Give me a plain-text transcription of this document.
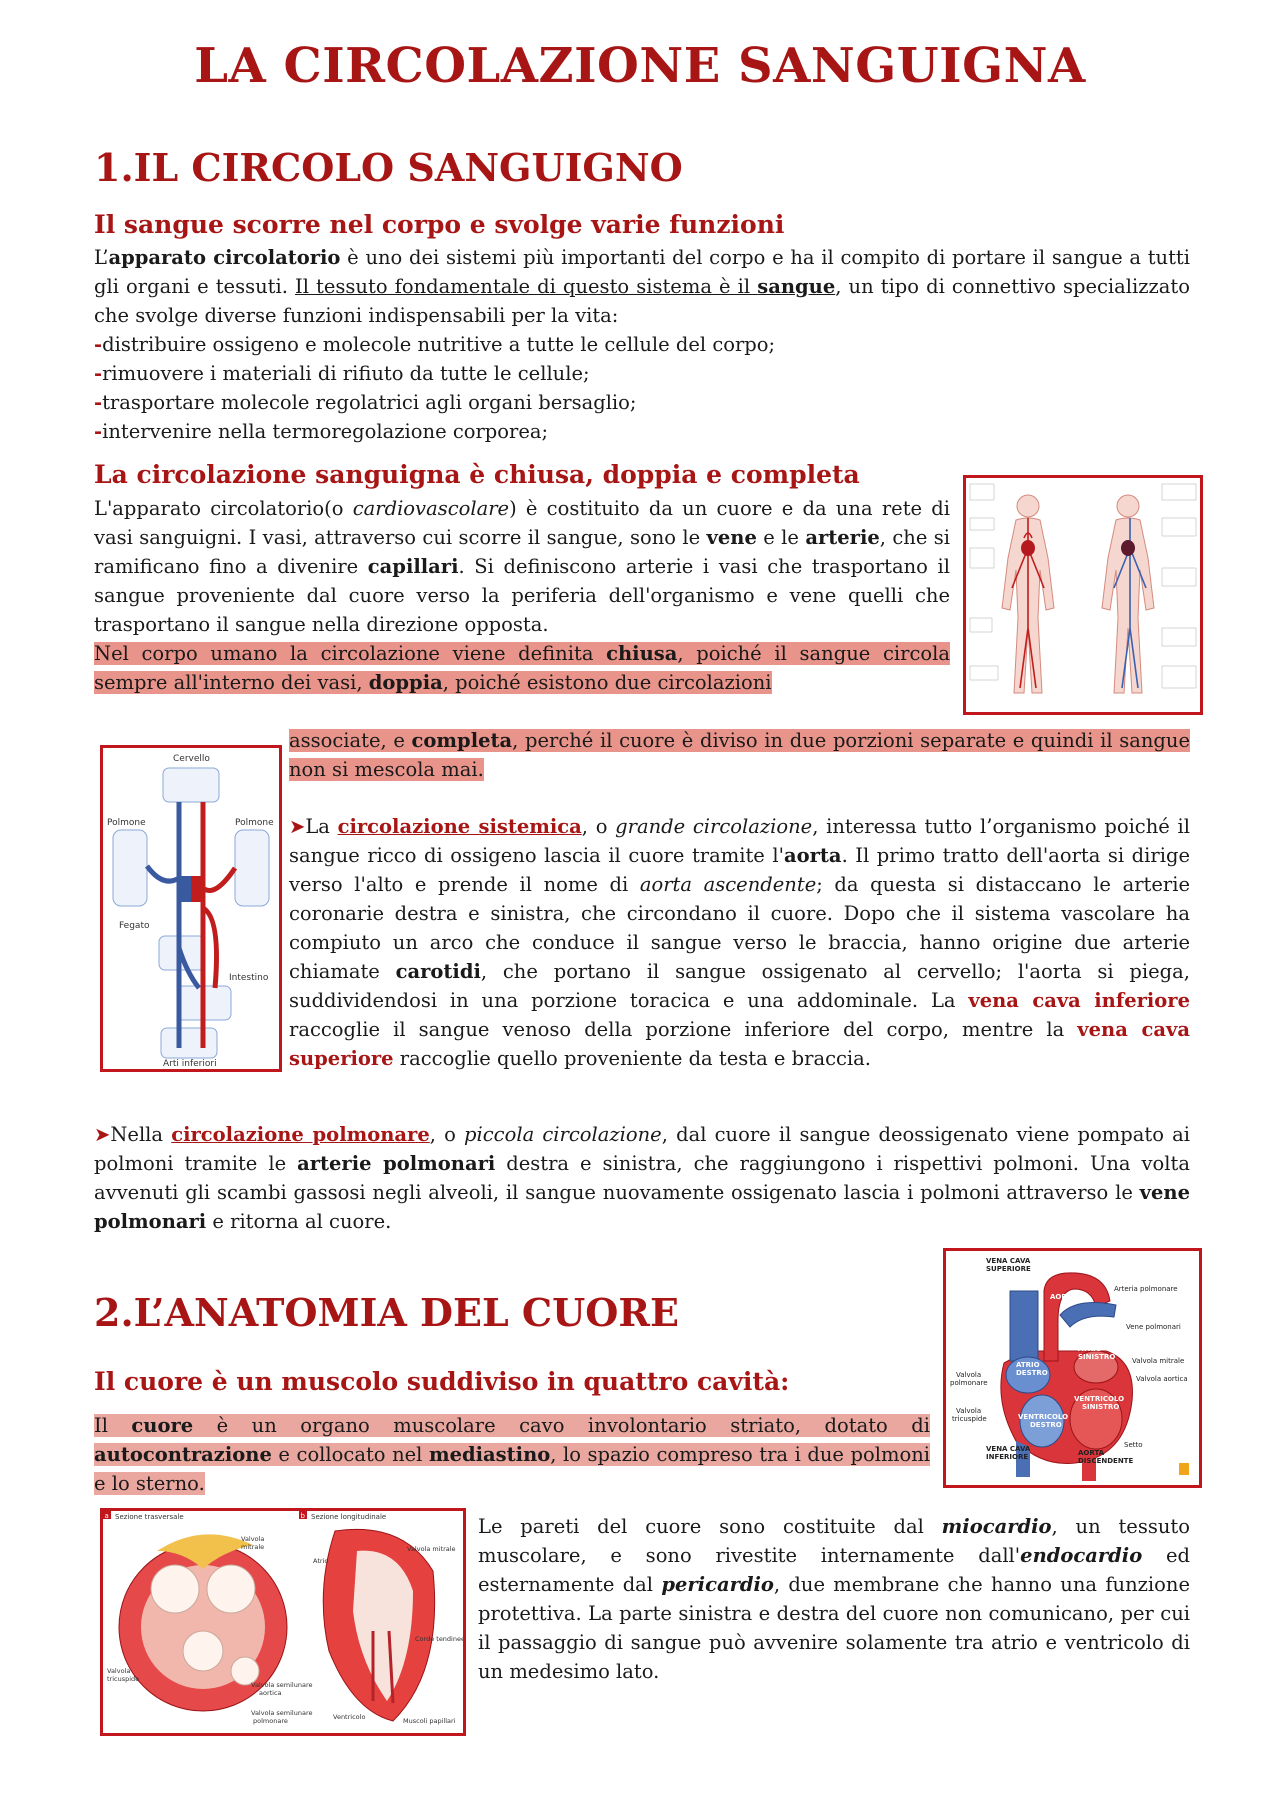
LA CIRCOLAZIONE SANGUIGNA
1.IL CIRCOLO SANGUIGNO
Il sangue scorre nel corpo e svolge varie funzioni

L’apparato circolatorio è uno dei sistemi più importanti del corpo e ha il compito di portare il sangue a tutti gli organi e tessuti. Il tessuto fondamentale di questo sistema è il sangue, un tipo di connettivo specializzato che svolge diverse funzioni indispensabili per la vita:

-distribuire ossigeno e molecole nutritive a tutte le cellule del corpo;

-rimuovere i materiali di rifiuto da tutte le cellule;

-trasportare molecole regolatrici agli organi bersaglio;

-intervenire nella termoregolazione corporea;

La circolazione sanguigna è chiusa, doppia e completa

L'apparato circolatorio(o cardiovascolare) è costituito da un cuore e da una rete di vasi sanguigni. I vasi, attraverso cui scorre il sangue, sono le vene e le arterie, che si ramificano fino a divenire capillari. Si definiscono arterie i vasi che trasportano il sangue proveniente dal cuore verso la periferia dell'organismo e vene quelli che trasportano il sangue nella direzione opposta.

Nel corpo umano la circolazione viene definita chiusa, poiché il sangue circola sempre all'interno dei vasi, doppia, poiché esistono due circolazioni

associate, e completa, perché il cuore è diviso in due porzioni separate e quindi il sangue non si mescola mai.

➤La circolazione sistemica, o grande circolazione, interessa tutto l’organismo poiché il sangue ricco di ossigeno lascia il cuore tramite l'aorta. Il primo tratto dell'aorta si dirige verso l'alto e prende il nome di aorta ascendente; da questa si distaccano le arterie coronarie destra e sinistra, che circondano il cuore. Dopo che il sistema vascolare ha compiuto un arco che conduce il sangue verso le braccia, hanno origine due arterie chiamate carotidi, che portano il sangue ossigenato al cervello; l'aorta si piega, suddividendosi in una porzione toracica e una addominale. La vena cava inferiore raccoglie il sangue venoso della porzione inferiore del corpo, mentre la vena cava superiore raccoglie quello proveniente da testa e braccia.

➤Nella circolazione polmonare, o piccola circolazione, dal cuore il sangue deossigenato viene pompato ai polmoni tramite le arterie polmonari destra e sinistra, che raggiungono i rispettivi polmoni. Una volta avvenuti gli scambi gassosi negli alveoli, il sangue nuovamente ossigenato lascia i polmoni attraverso le vene polmonari e ritorna al cuore.

Cervello
Polmone	Polmone
Fegato
Intestino
Arti inferiori
2.L’ANATOMIA DEL CUORE
Il cuore è un muscolo suddiviso in quattro cavità:

Il cuore è un organo muscolare cavo involontario striato, dotato di autocontrazione e collocato nel mediastino, lo spazio compreso tra i due polmoni e lo sterno.

Le pareti del cuore sono costituite dal miocardio, un tessuto muscolare, e sono rivestite internamente dall'endocardio ed esternamente dal pericardio, due membrane che hanno una funzione protettiva. La parte sinistra e destra del cuore non comunicano, per cui il passaggio di sangue può avvenire solamente tra atrio e ventricolo di un medesimo lato.

VENA CAVA
SUPERIORE
AORTA
ATRIO
DESTRO
ATRIO
SINISTRO
VENTRICOLO
SINISTRO
VENTRICOLO
DESTRO
VENA CAVA
INFERIORE	AORTA
DISCENDENTE
Arteria polmonare
Vene polmonari
Valvola mitrale
Valvola aortica
Valvola
polmonare
Valvola
tricuspide
Setto
a Sezione trasversale	b Sezione longitudinale
Valvola
mitrale
Atrio
Valvola mitrale
Corde tendinee
Valvola
tricuspide
Valvola semilunare
aortica
Valvola semilunare
polmonare	Ventricolo	Muscoli papillari
